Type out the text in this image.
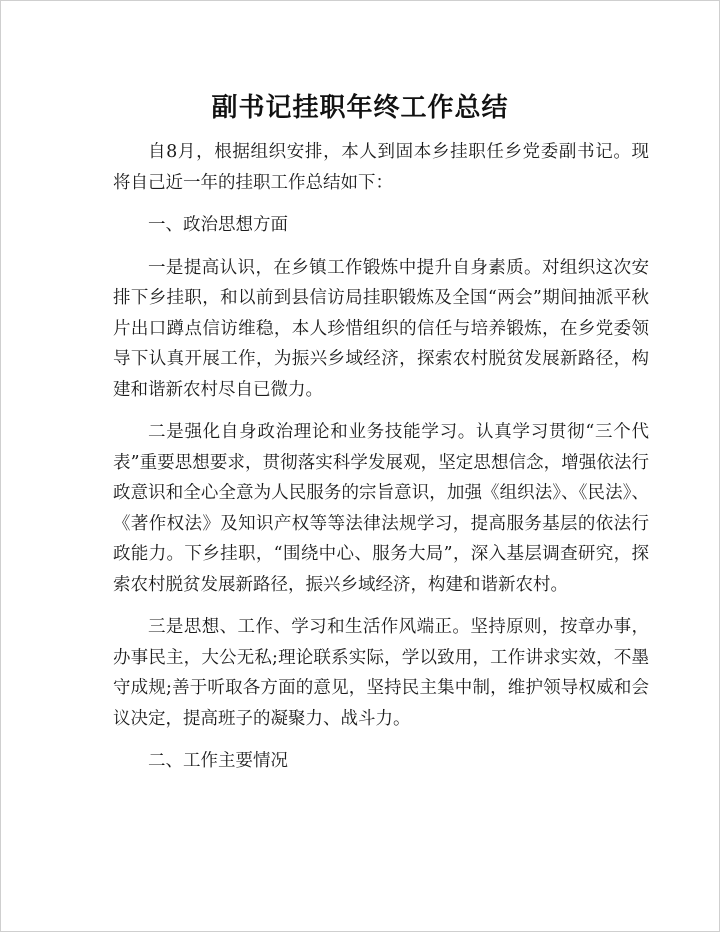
副书记挂职年终工作总结

自8月，根据组织安排，本人到固本乡挂职任乡党委副书记。现将自己近一年的挂职工作总结如下：

一、政治思想方面

一是提高认识，在乡镇工作锻炼中提升自身素质。对组织这次安排下乡挂职，和以前到县信访局挂职锻炼及全国“两会”期间抽派平秋片出口蹲点信访维稳，本人珍惜组织的信任与培养锻炼，在乡党委领导下认真开展工作，为振兴乡域经济，探索农村脱贫发展新路径，构建和谐新农村尽自已微力。

二是强化自身政治理论和业务技能学习。认真学习贯彻“三个代表”重要思想要求，贯彻落实科学发展观，坚定思想信念，增强依法行政意识和全心全意为人民服务的宗旨意识，加强《组织法》、《民法》、《著作权法》及知识产权等等法律法规学习，提高服务基层的依法行政能力。下乡挂职，“围绕中心、服务大局”，深入基层调查研究，探索农村脱贫发展新路径，振兴乡域经济，构建和谐新农村。

三是思想、工作、学习和生活作风端正。坚持原则，按章办事，办事民主，大公无私;理论联系实际，学以致用，工作讲求实效，不墨守成规;善于听取各方面的意见，坚持民主集中制，维护领导权威和会议决定，提高班子的凝聚力、战斗力。

二、工作主要情况
